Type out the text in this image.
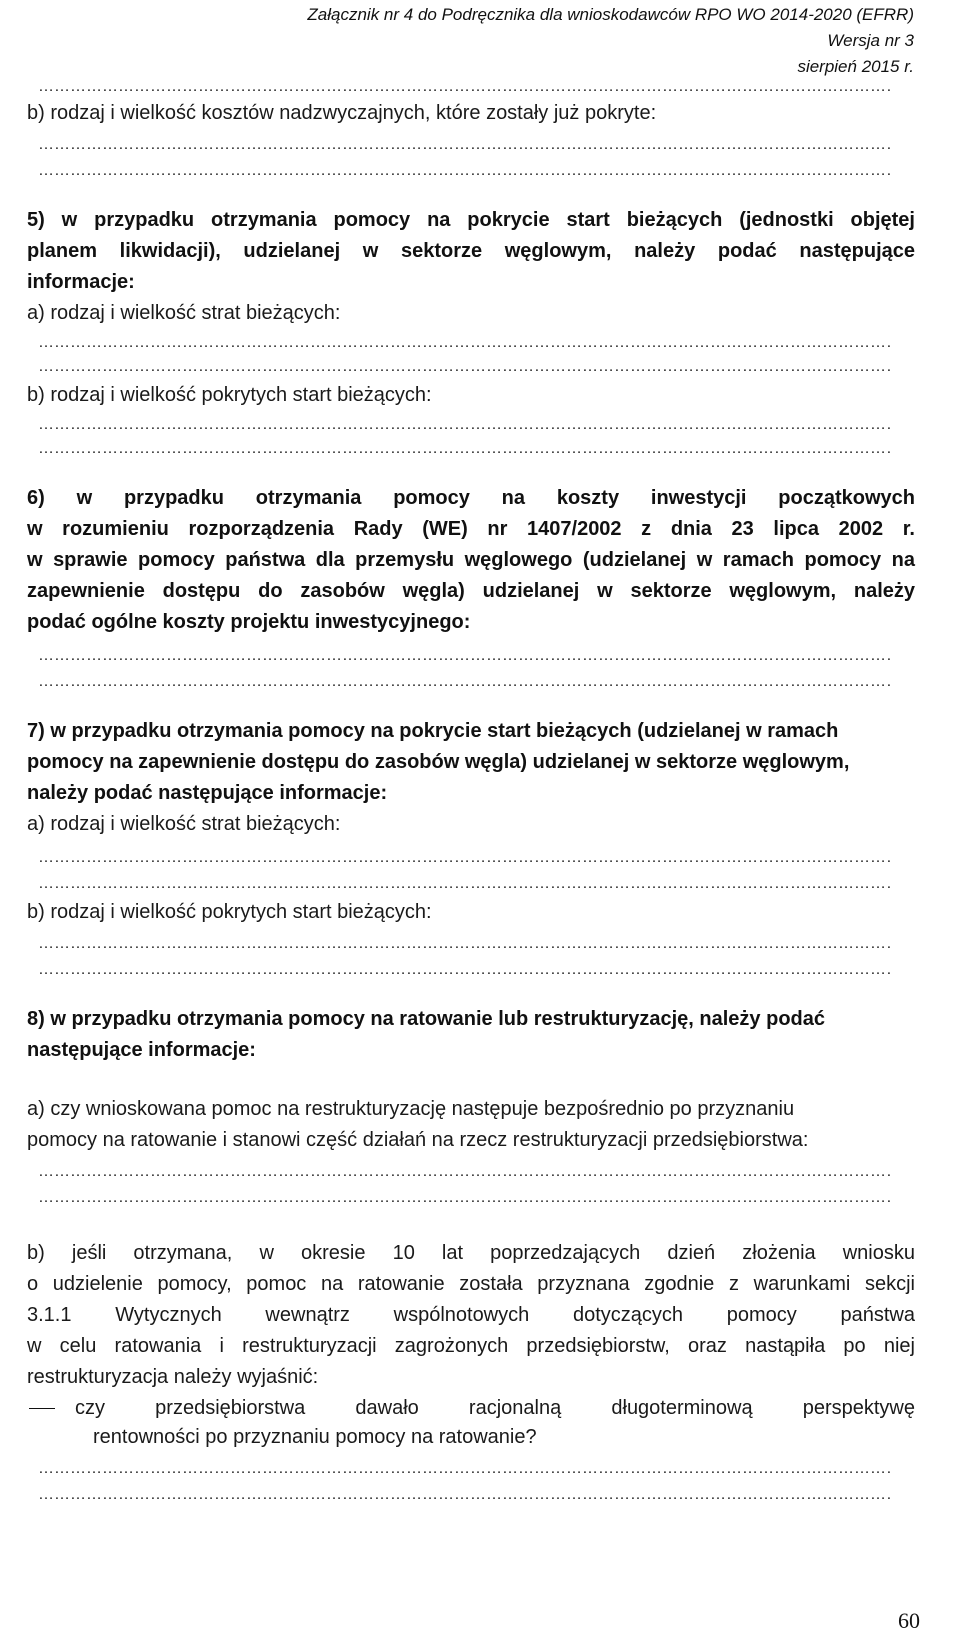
Załącznik nr 4 do Podręcznika dla wnioskodawców RPO WO 2014-2020 (EFRR)
Wersja nr 3
sierpień 2015 r.
……………………………………………………………………………………………………………………………………………………………………………………………………………………
b) rodzaj i wielkość kosztów nadzwyczajnych, które zostały już pokryte:
……………………………………………………………………………………………………………………………………………………………………………………………………………………
……………………………………………………………………………………………………………………………………………………………………………………………………………………
5) w przypadku otrzymania pomocy na pokrycie start bieżących (jednostki objętej
planem likwidacji), udzielanej w sektorze węglowym, należy podać następujące
informacje:
a) rodzaj i wielkość strat bieżących:
……………………………………………………………………………………………………………………………………………………………………………………………………………………
……………………………………………………………………………………………………………………………………………………………………………………………………………………
b) rodzaj i wielkość pokrytych start bieżących:
……………………………………………………………………………………………………………………………………………………………………………………………………………………
……………………………………………………………………………………………………………………………………………………………………………………………………………………
6) w przypadku otrzymania pomocy na koszty inwestycji początkowych
w rozumieniu rozporządzenia Rady (WE) nr 1407/2002 z dnia 23 lipca 2002 r.
w sprawie pomocy państwa dla przemysłu węglowego (udzielanej w ramach pomocy na
zapewnienie dostępu do zasobów węgla) udzielanej w sektorze węglowym, należy
podać ogólne koszty projektu inwestycyjnego:
……………………………………………………………………………………………………………………………………………………………………………………………………………………
……………………………………………………………………………………………………………………………………………………………………………………………………………………
7) w przypadku otrzymania pomocy na pokrycie start bieżących (udzielanej w ramach
pomocy na zapewnienie dostępu do zasobów węgla) udzielanej w sektorze węglowym,
należy podać następujące informacje:
a) rodzaj i wielkość strat bieżących:
……………………………………………………………………………………………………………………………………………………………………………………………………………………
……………………………………………………………………………………………………………………………………………………………………………………………………………………
b) rodzaj i wielkość pokrytych start bieżących:
……………………………………………………………………………………………………………………………………………………………………………………………………………………
……………………………………………………………………………………………………………………………………………………………………………………………………………………
8) w przypadku otrzymania pomocy na ratowanie lub restrukturyzację, należy podać
następujące informacje:
a) czy wnioskowana pomoc na restrukturyzację następuje bezpośrednio po przyznaniu
pomocy na ratowanie i stanowi część działań na rzecz restrukturyzacji przedsiębiorstwa:
……………………………………………………………………………………………………………………………………………………………………………………………………………………
……………………………………………………………………………………………………………………………………………………………………………………………………………………
b) jeśli otrzymana, w okresie 10 lat poprzedzających dzień złożenia wniosku
o udzielenie pomocy, pomoc na ratowanie została przyznana zgodnie z warunkami sekcji
3.1.1 Wytycznych wewnątrz wspólnotowych dotyczących pomocy państwa
w celu ratowania i restrukturyzacji zagrożonych przedsiębiorstw, oraz nastąpiła po niej
restrukturyzacja należy wyjaśnić:
czy przedsiębiorstwa dawało racjonalną długoterminową perspektywę
rentowności po przyznaniu pomocy na ratowanie?
……………………………………………………………………………………………………………………………………………………………………………………………………………………
……………………………………………………………………………………………………………………………………………………………………………………………………………………
60
